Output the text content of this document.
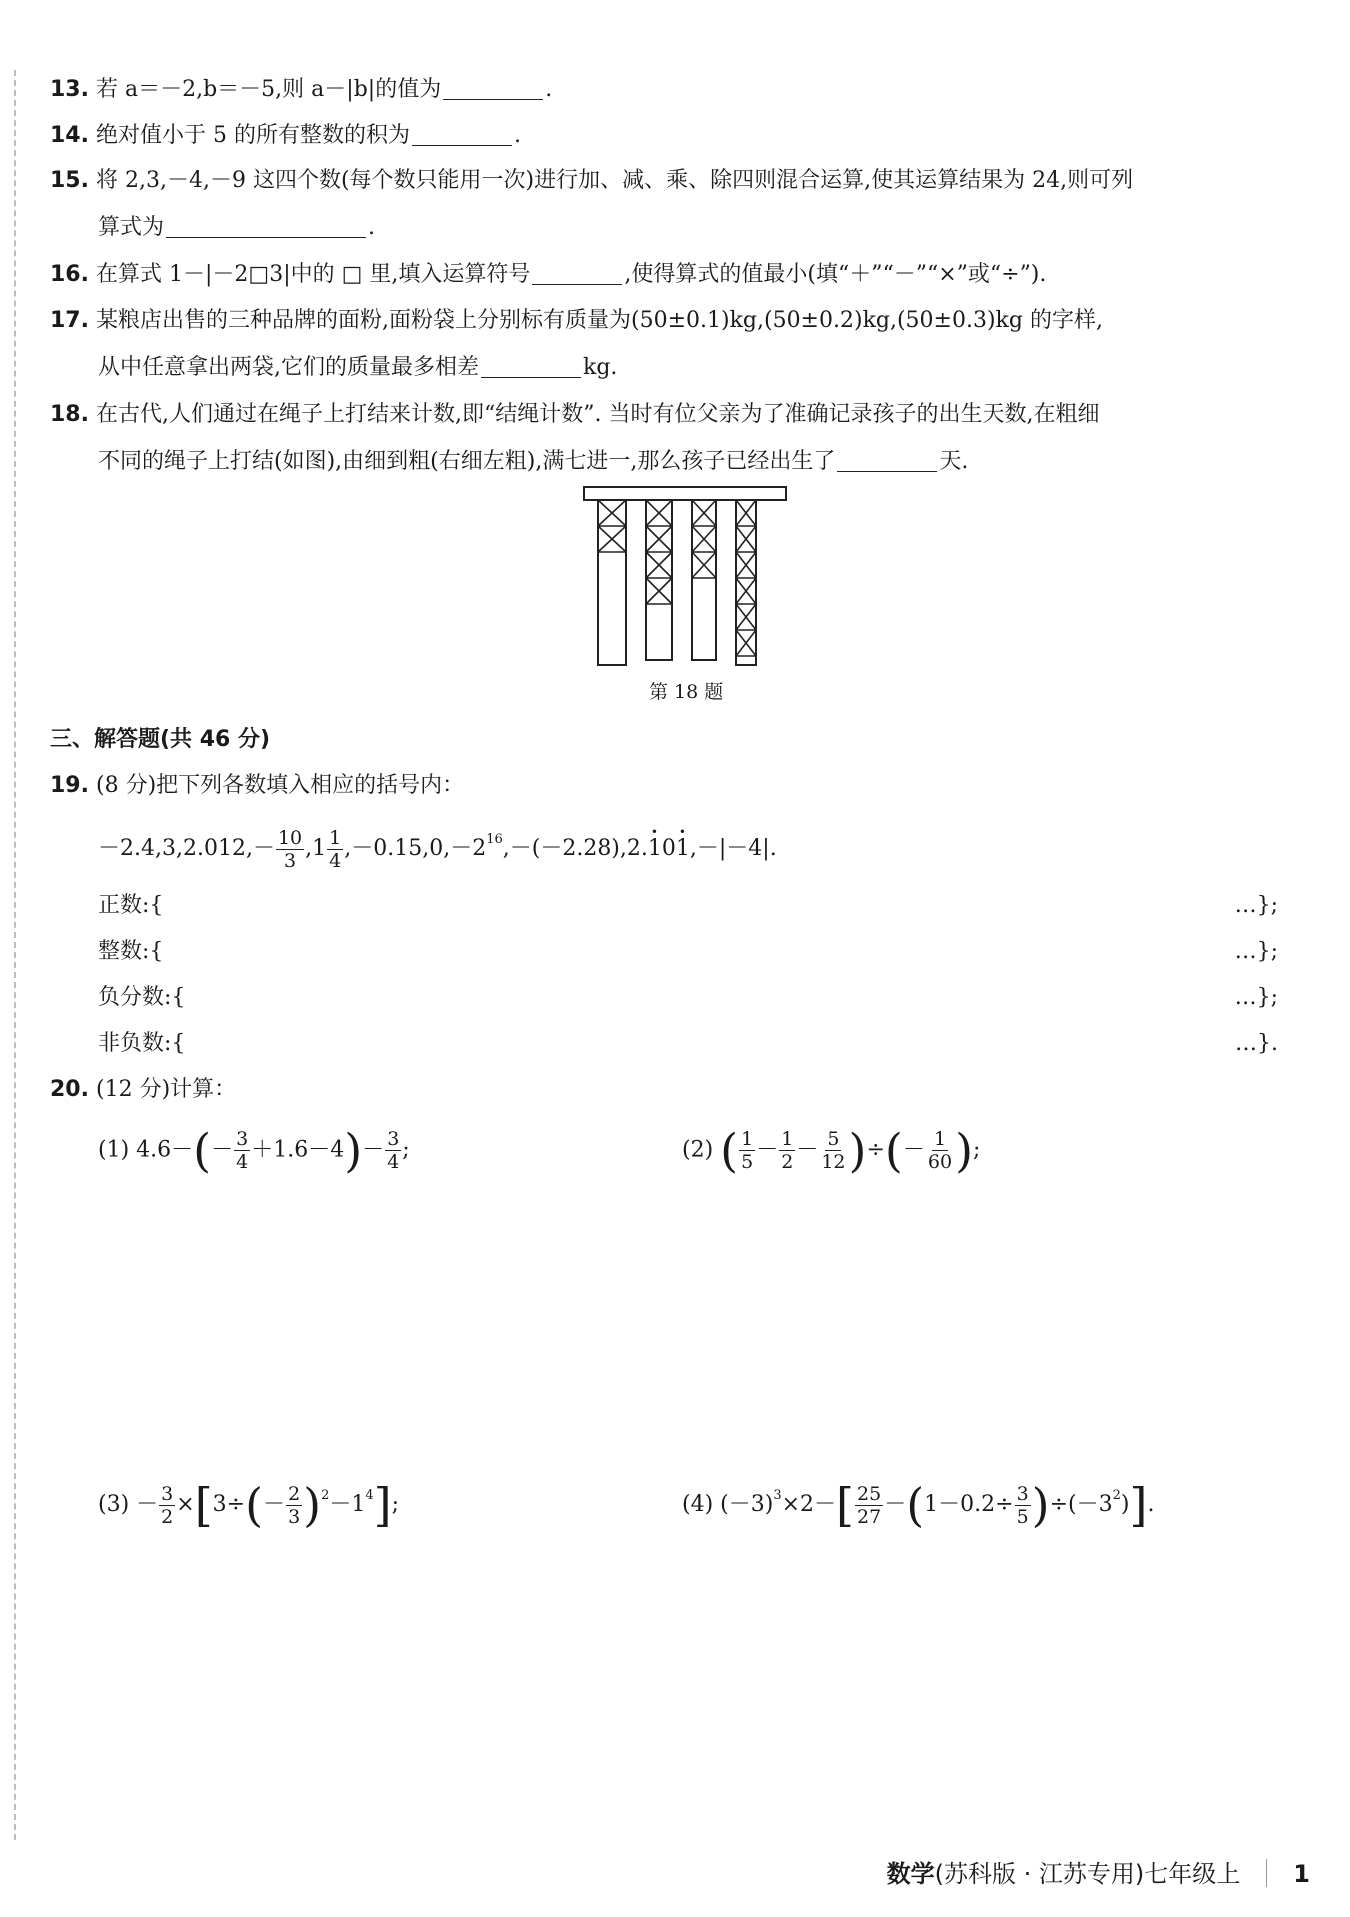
13. 若 a＝－2,b＝－5,则 a－|b|的值为	.
14. 绝对值小于 5 的所有整数的积为	.
15. 将 2,3,－4,－9 这四个数(每个数只能用一次)进行加、减、乘、除四则混合运算,使其运算结果为 24,则可列
算式为	.
16. 在算式 1－|－2□3|中的 □ 里,填入运算符号	,使得算式的值最小(填“＋”“－”“×”或“÷”).
17. 某粮店出售的三种品牌的面粉,面粉袋上分别标有质量为(50±0.1)kg,(50±0.2)kg,(50±0.3)kg 的字样,
从中任意拿出两袋,它们的质量最多相差	kg.
18. 在古代,人们通过在绳子上打结来计数,即“结绳计数”. 当时有位父亲为了准确记录孩子的出生天数,在粗细
不同的绳子上打结(如图),由细到粗(右细左粗),满七进一,那么孩子已经出生了	天.
第 18 题
三、解答题(共 46 分)
19. (8 分)把下列各数填入相应的括号内：
$-2.4,3,2.012,- \frac{10}{3} ,1 \frac{1}{4}$ $,-0.15,0,-2^{16},-(-2.28),2.•$ 10• 1,－|－4|.
正数:{	…};
整数:{	…};
负分数:{	…};
非负数:{	…}.
20. (12 分)计算：
(1) $4.6-(- \frac{3}{4} +1.6-4)- \frac{3}{4}$ ;	(2) ( $\frac{1}{5} - \frac{1}{2} - \frac{5}{12}$ )÷(－ $\frac{1}{60}$ );
$(3) - \frac{3}{2} \times[3\div(- \frac{2}{3} )^2-1^4]$;	(4) $(-3)^3\times 2-[ \frac{25}{27} -(1-0.2\div \frac{3}{5} )\div(-3^2)]$.
数学(苏科版 · 江苏专用)七年级上 1
